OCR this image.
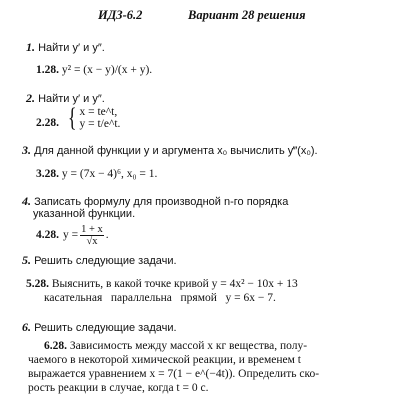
ИДЗ-6.2	Вариант 28 решения
1. Найти y′ и y″.
1.28. y² = (x − y)/(x + y).
2. Найти y′ и y″.
2.28. { x = te^t,
y = t/e^t.
3. Для данной функции y и аргумента x₀ вычислить y‴(x₀).
3.28. y = (7x − 4)⁶, x₀ = 1.
4. Записать формулу для производной n-го порядка
указанной функции.
4.28. $y = \frac{1 + x}{√x}$ .
5. Решить следующие задачи.
5.28. Выяснить, в какой точке кривой y = 4x² − 10x + 13
касательная   параллельна   прямой   y = 6x − 7.
6. Решить следующие задачи.
6.28. Зависимость между массой x кг вещества, полу-
чаемого в некоторой химической реакции, и временем t
выражается уравнением x = 7(1 − e^(−4t)). Определить ско-
рость реакции в случае, когда t = 0 с.
